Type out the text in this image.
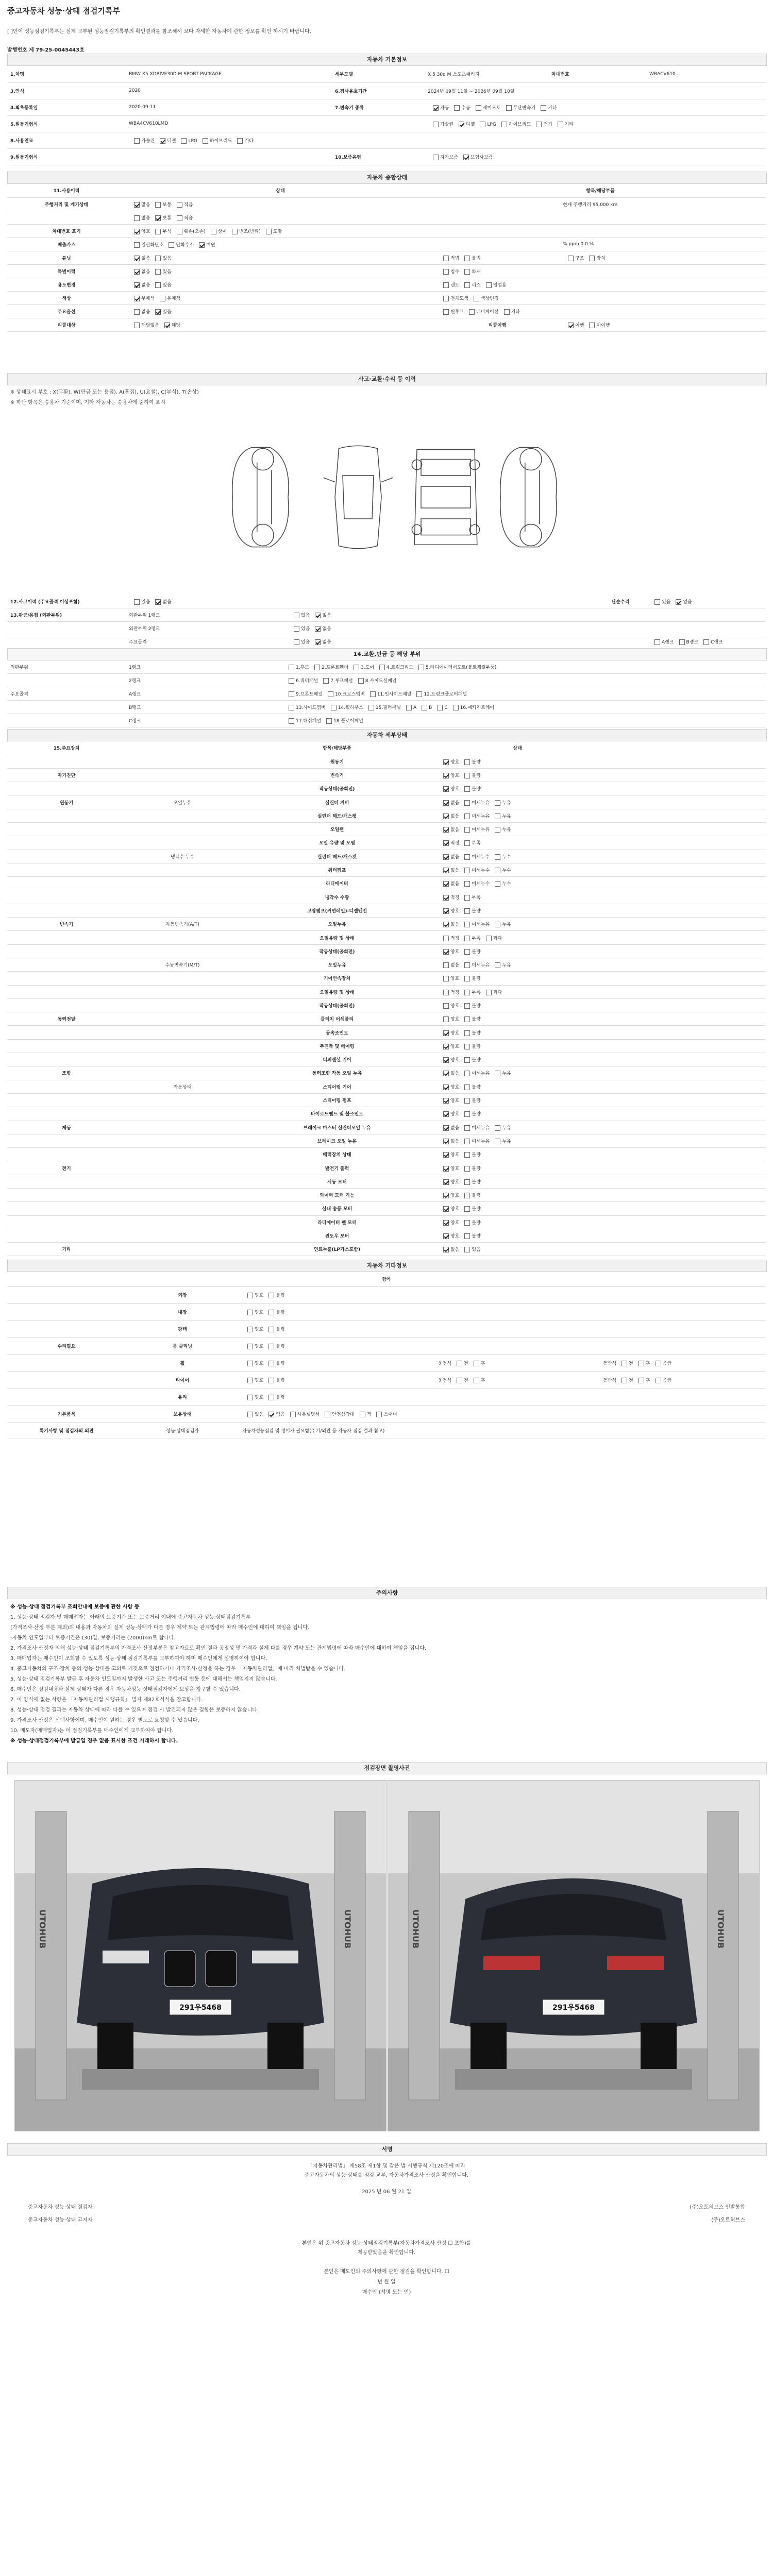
중고자동차 성능·상태 점검기록부
[ ]안이 성능점검기록부는 실제 교부된 성능점검기록부의 확인결과를 참조해서 보다 자세한 자동차에 관한 정보를 확인 하시기 바랍니다.
발행번호 제 79-25-0045443호
자동차 기본정보
1.차명	BMW X5 XDRIVE30D M SPORT PACKAGE	세부모델	X 5 30d M 스포츠패키지	차대번호	WBACV610...
3.연식	2020	6.검사유효기간	2024년 09월 11일 ~ 2026년 09월 10일		
4.최초등록일	2020-09-11	7.변속기 종류	자동 수동 세미오토 무단변속기 기타		
5.원동기형식	WBA4CV610LMD		가솔린 디젤 LPG 하이브리드 전기 기타		
8.사용연료	가솔린 디젤 LPG 하이브리드 기타				
9.원동기형식		10.보증유형	자가보증 보험사보증		
자동차 종합상태
11.사용이력	상태	항목/해당부품	
주행거리 및 계기상태	많음 보통 적음		현재 주행거리 95,000 km
	많음 보통 적음		
차대번호 표기	양호 부식 훼손(오손) 상이 변조(변타) 도말		
배출가스	일산화탄소 탄화수소 매연		% ppm 0.0 %
튜닝	없음 있음	적법 불법	구조 장치
특별이력	없음 있음	침수 화재	
용도변경	없음 있음	렌트 리스 영업용	
색상	무채색 유채색	전체도색 색상변경	
주요옵션	없음 있음	썬루프 네비게이션 기타	
리콜대상	해당없음 해당	리콜이행	이행 미이행
사고·교환·수리 등 이력
※ 상태표시 부호 : X(교환), W(판금 또는 용접), A(흠집), U(요철), C(부식), T(손상)
※ 하단 항목은 승용차 기준이며, 기타 자동차는 승용차에 준하여 표시
12.사고이력 (주요골격 이상포함)	있음 없음		단순수리	있음 없음
13.판금/용접 (외판부위)	외판부위 1랭크	있음 없음		
	외판부위 2랭크	있음 없음		
	주요골격	있음 없음		A랭크 B랭크 C랭크
14.교환,판금 등 해당 부위
외판부위	1랭크	1.후드 2.프론트휀더 3.도어 4.트렁크리드 5.라디에이터서포트(볼트체결부품)
	2랭크	6.쿼터패널 7.루프패널 8.사이드실패널
주요골격	A랭크	9.프론트패널 10.크로스멤버 11.인사이드패널 12.트렁크플로어패널
	B랭크	13.사이드멤버 14.휠하우스 15.필러패널 A B C 16.패키지트레이
	C랭크	17.대쉬패널 18.플로어패널
자동차 세부상태
15.주요장치		항목/해당부품	상태	
		원동기	양호 불량	
자기진단		변속기	양호 불량	
		작동상태(공회전)	양호 불량	
원동기	오일누유	실린더 커버	없음 미세누유 누유	
		실린더 헤드/개스켓	없음 미세누유 누유	
		오일팬	없음 미세누유 누유	
		오일 유량 및 오염	적정 부족	
	냉각수 누수	실린더 헤드/개스켓	없음 미세누수 누수	
		워터펌프	없음 미세누수 누수	
		라디에이터	없음 미세누수 누수	
		냉각수 수량	적정 부족	
		고압펌프(커먼레일)-디젤엔진	양호 불량	
변속기	자동변속기(A/T)	오일누유	없음 미세누유 누유	
		오일유량 및 상태	적정 부족 과다	
		작동상태(공회전)	양호 불량	
	수동변속기(M/T)	오일누유	없음 미세누유 누유	
		기어변속장치	양호 불량	
		오일유량 및 상태	적정 부족 과다	
		작동상태(공회전)	양호 불량	
동력전달		클러치 어셈블리	양호 불량	
		등속조인트	양호 불량	
		추진축 및 베어링	양호 불량	
		디퍼렌셜 기어	양호 불량	
조향		동력조향 작동 오일 누유	없음 미세누유 누유	
	작동상태	스티어링 기어	양호 불량	
		스티어링 펌프	양호 불량	
		타이로드엔드 및 볼조인트	양호 불량	
제동		브레이크 마스터 실린더오일 누유	없음 미세누유 누유	
		브레이크 오일 누유	없음 미세누유 누유	
		배력장치 상태	양호 불량	
전기		발전기 출력	양호 불량	
		시동 모터	양호 불량	
		와이퍼 모터 기능	양호 불량	
		실내 송풍 모터	양호 불량	
		라디에이터 팬 모터	양호 불량	
		윈도우 모터	양호 불량	
기타		연료누출(LP가스포함)	없음 있음	
자동차 기타정보
항목				
	외장	양호 불량		
	내장	양호 불량		
	광택	양호 불량		
수리필요	룸 클리닝	양호 불량		
	휠	양호 불량	운전석 전 후	동반석 전 후 응급
	타이어	양호 불량	운전석 전 후	동반석 전 후 응급
	유리	양호 불량		
기본품목	보유상태	있음 없음 사용설명서 안전삼각대 잭 스패너		
특기사항 및 점검자의 의견	성능·상태점검자	자동차성능점검 및 정비가 필요함(주기/외관 등 자동차 점검 결과 참고)		
주의사항
※ 성능·상태 점검기록부 조회안내에 보증에 관한 사항 등
1. 성능·상태 점검자 및 매매업자는 아래의 보증기간 또는 보증거리 이내에 중고자동차 성능·상태점검기록부
(가격조사·산정 부분 제외)의 내용과 자동차의 실제 성능·상태가 다른 경우 계약 또는 관계법령에 따라 매수인에 대하여 책임을 집니다.
-자동차 인도일부터 보증기간은 (30)일, 보증거리는 (2000)km로 합니다.
2. 가격조사·산정자 의해 성능·상태 점검기록부의 가격조사·산정부분은 참고자료로 확인 결과 공정성 및 가격과 실제 다를 경우 계약 또는 관계법령에 따라 매수인에 대하여 책임을 집니다.
3. 매매업자는 매수인이 조회할 수 있도록 성능·상태 점검기록부를 교부하여야 하며 매수인에게 설명하여야 합니다.
4. 중고자동차의 구조·장치 등의 성능·상태를 고의로 거짓으로 점검하거나 가격조사·산정을 하는 경우 「자동차관리법」에 따라 처벌받을 수 있습니다.
5. 성능·상태 점검기록부 발급 후 자동차 인도일까지 발생한 사고 또는 주행거리 변동 등에 대해서는 책임지지 않습니다.
6. 매수인은 점검내용과 실제 상태가 다른 경우 자동차성능·상태점검자에게 보상을 청구할 수 있습니다.
7. 이 양식에 없는 사항은 「자동차관리법 시행규칙」 별지 제82호서식을 참고합니다.
8. 성능·상태 점검 결과는 자동차 상태에 따라 다를 수 있으며 점검 시 발견되지 않은 결함은 보증하지 않습니다.
9. 가격조사·산정은 선택사항이며, 매수인이 원하는 경우 별도로 요청할 수 있습니다.
10. 매도자(매매업자)는 이 점검기록부를 매수인에게 교부하여야 합니다.
※ 성능·상태점검기록부에 발급일 경우 없음 표시한 조건 거래하시 합니다.
점검장면 촬영사진
291우5468
UTOHUB	UTOHUB
291우5468
UTOHUB	UTOHUB
서명
「자동차관리법」 제58조 제1항 및 같은 법 시행규칙 제120조에 따라
중고자동차의 성능·상태를 점검 교부, 자동차가격조사·산정을 확인합니다.
2025 년 06 월 21 일
중고자동차 성능·상태 점검자	(주)오토허브스 인발통합
중고자동차 성능·상태 고지자	(주)오토허브스
본인은 위 중고자동차 성능·상태점검기록부(자동차가격조사 산정 ☐ 포함)를
제공받았음을 확인합니다.
본인은 매도인의 주의사항에 관한 점검을 확인합니다. ☐
년 월 일
매수인 (서명 또는 인)
